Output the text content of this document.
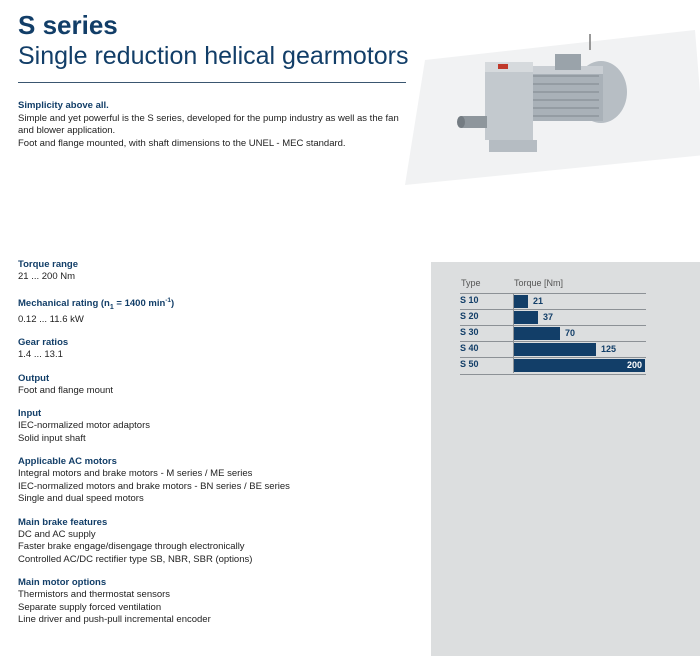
S series
Single reduction helical gearmotors
Simplicity above all.
Simple and yet powerful is the S series, developed for the pump industry as well as the fan
and blower application.
Foot and flange mounted, with shaft dimensions to the UNEL - MEC standard.
Torque range
21 ... 200 Nm
Mechanical rating ($n_1 = 1400$ $\min^{-1}$)
0.12 ... 11.6 kW
Gear ratios
1.4 ... 13.1
Output
Foot and flange mount
Input
IEC-normalized motor adaptors
Solid input shaft
Applicable AC motors
Integral motors and brake motors - M series / ME series
IEC-normalized motors and brake motors - BN series / BE series
Single and dual speed motors
Main brake features
DC and AC supply
Faster brake engage/disengage through electronically
Controlled AC/DC rectifier type SB, NBR, SBR (options)
Main motor options
Thermistors and thermostat sensors
Separate supply forced ventilation
Line driver and push-pull incremental encoder
Type	Torque [Nm]
S 10	21
S 20	37
S 30	70
S 40	125
S 50	200
